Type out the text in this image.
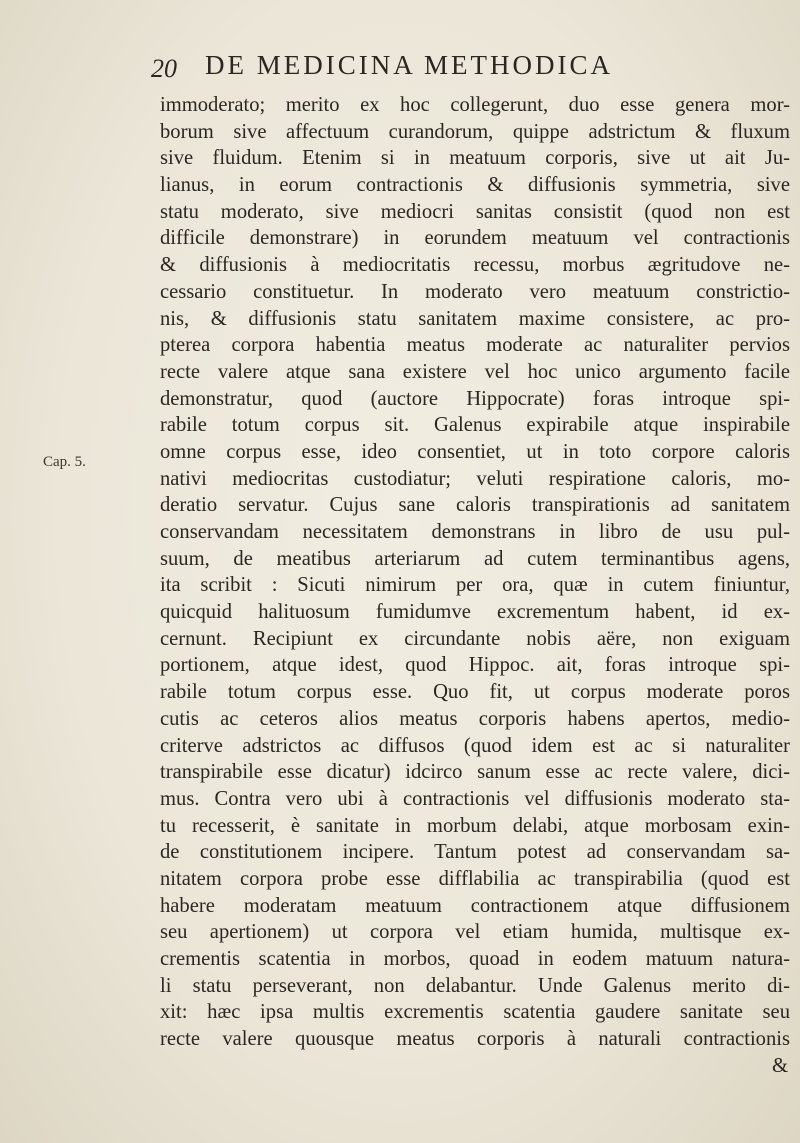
20 DE MEDICINA METHODICA
Cap. 5.
immoderato; merito ex hoc collegerunt, duo esse genera mor-
borum sive affectuum curandorum, quippe adstrictum & fluxum
sive fluidum. Etenim si in meatuum corporis, sive ut ait Ju-
lianus, in eorum contractionis & diffusionis symmetria, sive
statu moderato, sive mediocri sanitas consistit (quod non est
difficile demonstrare) in eorundem meatuum vel contractionis
& diffusionis à mediocritatis recessu, morbus ægritudove ne-
cessario constituetur. In moderato vero meatuum constrictio-
nis, & diffusionis statu sanitatem maxime consistere, ac pro-
pterea corpora habentia meatus moderate ac naturaliter pervios
recte valere atque sana existere vel hoc unico argumento facile
demonstratur, quod (auctore Hippocrate) foras introque spi-
rabile totum corpus sit. Galenus expirabile atque inspirabile
omne corpus esse, ideo consentiet, ut in toto corpore caloris
nativi mediocritas custodiatur; veluti respiratione caloris, mo-
deratio servatur. Cujus sane caloris transpirationis ad sanitatem
conservandam necessitatem demonstrans in libro de usu pul-
suum, de meatibus arteriarum ad cutem terminantibus agens,
ita scribit : Sicuti nimirum per ora, quæ in cutem finiuntur,
quicquid halituosum fumidumve excrementum habent, id ex-
cernunt. Recipiunt ex circundante nobis aëre, non exiguam
portionem, atque idest, quod Hippoc. ait, foras introque spi-
rabile totum corpus esse. Quo fit, ut corpus moderate poros
cutis ac ceteros alios meatus corporis habens apertos, medio-
criterve adstrictos ac diffusos (quod idem est ac si naturaliter
transpirabile esse dicatur) idcirco sanum esse ac recte valere, dici-
mus. Contra vero ubi à contractionis vel diffusionis moderato sta-
tu recesserit, è sanitate in morbum delabi, atque morbosam exin-
de constitutionem incipere. Tantum potest ad conservandam sa-
nitatem corpora probe esse difflabilia ac transpirabilia (quod est
habere moderatam meatuum contractionem atque diffusionem
seu apertionem) ut corpora vel etiam humida, multisque ex-
crementis scatentia in morbos, quoad in eodem matuum natura-
li statu perseverant, non delabantur. Unde Galenus merito di-
xit: hæc ipsa multis excrementis scatentia gaudere sanitate seu
recte valere quousque meatus corporis à naturali contractionis
&
